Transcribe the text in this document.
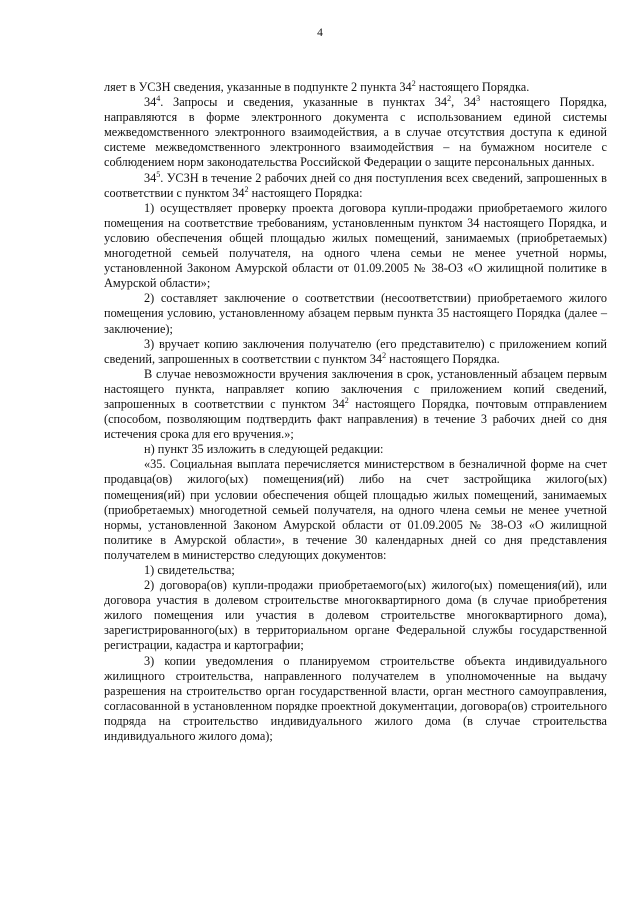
4

ляет в УСЗН сведения, указанные в подпункте 2 пункта $34^2$ настоящего Порядка.

$34^4$. Запросы и сведения, указанные в пунктах $34^2$, $34^3$ настоящего Порядка, направляются в форме электронного документа с использованием единой системы межведомственного электронного взаимодействия, а в случае отсутствия доступа к единой системе межведомственного электронного взаимодействия – на бумажном носителе с соблюдением норм законодательства Российской Федерации о защите персональных данных.

$34^5$. УСЗН в течение 2 рабочих дней со дня поступления всех сведений, запрошенных в соответствии с пунктом $34^2$ настоящего Порядка:

1) осуществляет проверку проекта договора купли-продажи приобретаемого жилого помещения на соответствие требованиям, установленным пунктом 34 настоящего Порядка, и условию обеспечения общей площадью жилых помещений, занимаемых (приобретаемых) многодетной семьей получателя, на одного члена семьи не менее учетной нормы, установленной Законом Амурской области от 01.09.2005 № 38-ОЗ «О жилищной политике в Амурской области»;

2) составляет заключение о соответствии (несоответствии) приобретаемого жилого помещения условию, установленному абзацем первым пункта 35 настоящего Порядка (далее – заключение);

3) вручает копию заключения получателю (его представителю) с приложением копий сведений, запрошенных в соответствии с пунктом $34^2$ настоящего Порядка.

В случае невозможности вручения заключения в срок, установленный абзацем первым настоящего пункта, направляет копию заключения с приложением копий сведений, запрошенных в соответствии с пунктом $34^2$ настоящего Порядка, почтовым отправлением (способом, позволяющим подтвердить факт направления) в течение 3 рабочих дней со дня истечения срока для его вручения.»;

н) пункт 35 изложить в следующей редакции:

«35. Социальная выплата перечисляется министерством в безналичной форме на счет продавца(ов) жилого(ых) помещения(ий) либо на счет застройщика жилого(ых) помещения(ий) при условии обеспечения общей площадью жилых помещений, занимаемых (приобретаемых) многодетной семьей получателя, на одного члена семьи не менее учетной нормы, установленной Законом Амурской области от 01.09.2005 № 38-ОЗ «О жилищной политике в Амурской области», в течение 30 календарных дней со дня представления получателем в министерство следующих документов:

1) свидетельства;

2) договора(ов) купли-продажи приобретаемого(ых) жилого(ых) помещения(ий), или договора участия в долевом строительстве многоквартирного дома (в случае приобретения жилого помещения или участия в долевом строительстве многоквартирного дома), зарегистрированного(ых) в территориальном органе Федеральной службы государственной регистрации, кадастра и картографии;

3) копии уведомления о планируемом строительстве объекта индивидуального жилищного строительства, направленного получателем в уполномоченные на выдачу разрешения на строительство орган государственной власти, орган местного самоуправления, согласованной в установленном порядке проектной документации, договора(ов) строительного подряда на строительство индивидуального жилого дома (в случае строительства индивидуального жилого дома);
